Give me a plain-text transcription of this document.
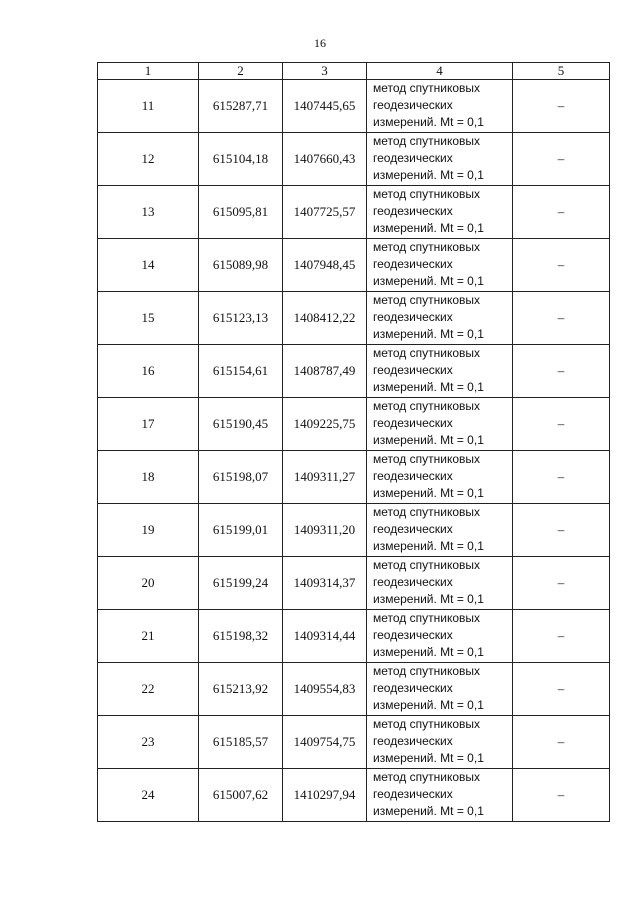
16
1	2	3	4	5
11	615287,71	1407445,65	метод спутниковых
геодезических
измерений. Mt = 0,1	–
12	615104,18	1407660,43	метод спутниковых
геодезических
измерений. Mt = 0,1	–
13	615095,81	1407725,57	метод спутниковых
геодезических
измерений. Mt = 0,1	–
14	615089,98	1407948,45	метод спутниковых
геодезических
измерений. Mt = 0,1	–
15	615123,13	1408412,22	метод спутниковых
геодезических
измерений. Mt = 0,1	–
16	615154,61	1408787,49	метод спутниковых
геодезических
измерений. Mt = 0,1	–
17	615190,45	1409225,75	метод спутниковых
геодезических
измерений. Mt = 0,1	–
18	615198,07	1409311,27	метод спутниковых
геодезических
измерений. Mt = 0,1	–
19	615199,01	1409311,20	метод спутниковых
геодезических
измерений. Mt = 0,1	–
20	615199,24	1409314,37	метод спутниковых
геодезических
измерений. Mt = 0,1	–
21	615198,32	1409314,44	метод спутниковых
геодезических
измерений. Mt = 0,1	–
22	615213,92	1409554,83	метод спутниковых
геодезических
измерений. Mt = 0,1	–
23	615185,57	1409754,75	метод спутниковых
геодезических
измерений. Mt = 0,1	–
24	615007,62	1410297,94	метод спутниковых
геодезических
измерений. Mt = 0,1	–
